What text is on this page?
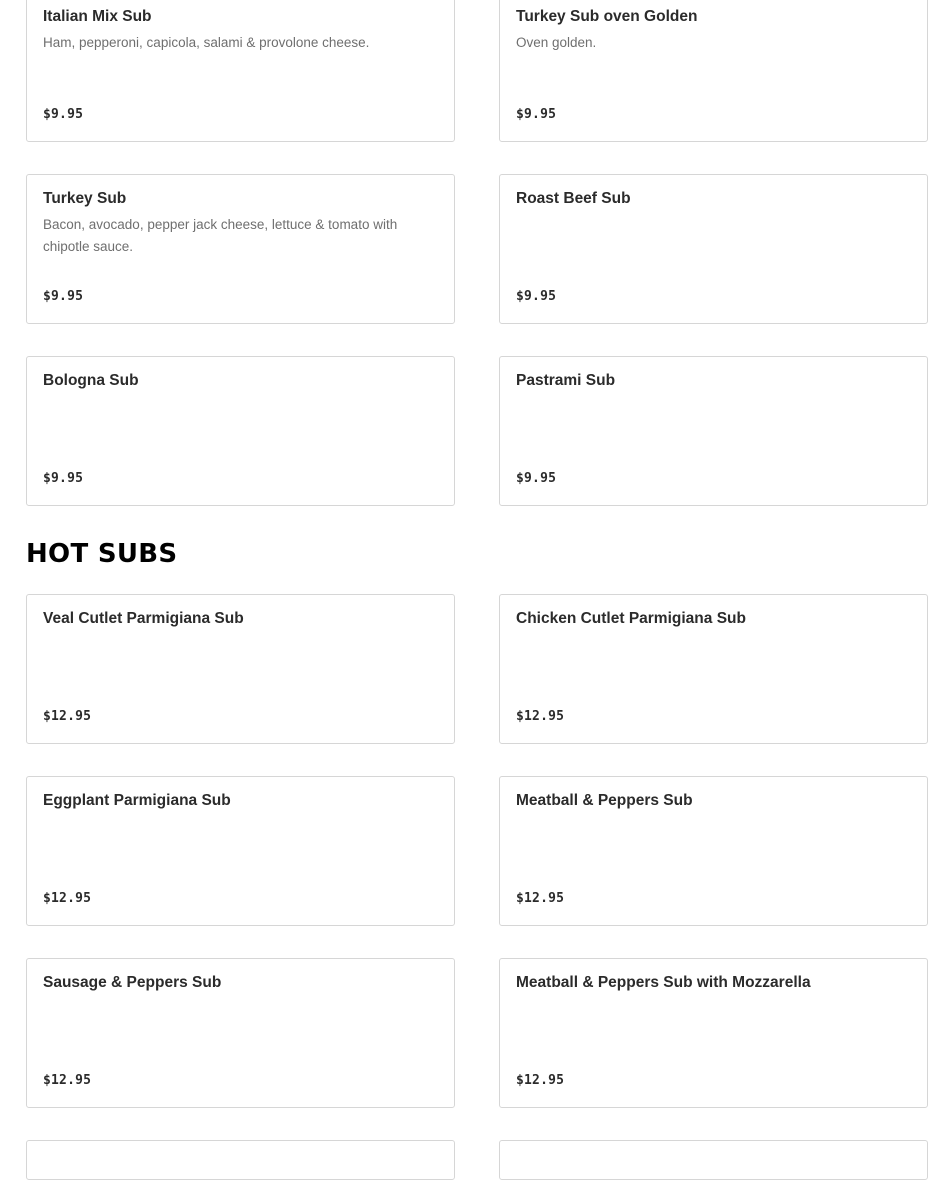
Italian Mix Sub
Ham, pepperoni, capicola, salami & provolone cheese.
$9.95
Turkey Sub oven Golden
Oven golden.
$9.95
Turkey Sub
Bacon, avocado, pepper jack cheese, lettuce & tomato with chipotle sauce.
$9.95
Roast Beef Sub
$9.95
Bologna Sub
$9.95
Pastrami Sub
$9.95
HOT SUBS
Veal Cutlet Parmigiana Sub
$12.95
Chicken Cutlet Parmigiana Sub
$12.95
Eggplant Parmigiana Sub
$12.95
Meatball & Peppers Sub
$12.95
Sausage & Peppers Sub
$12.95
Meatball & Peppers Sub with Mozzarella
$12.95
